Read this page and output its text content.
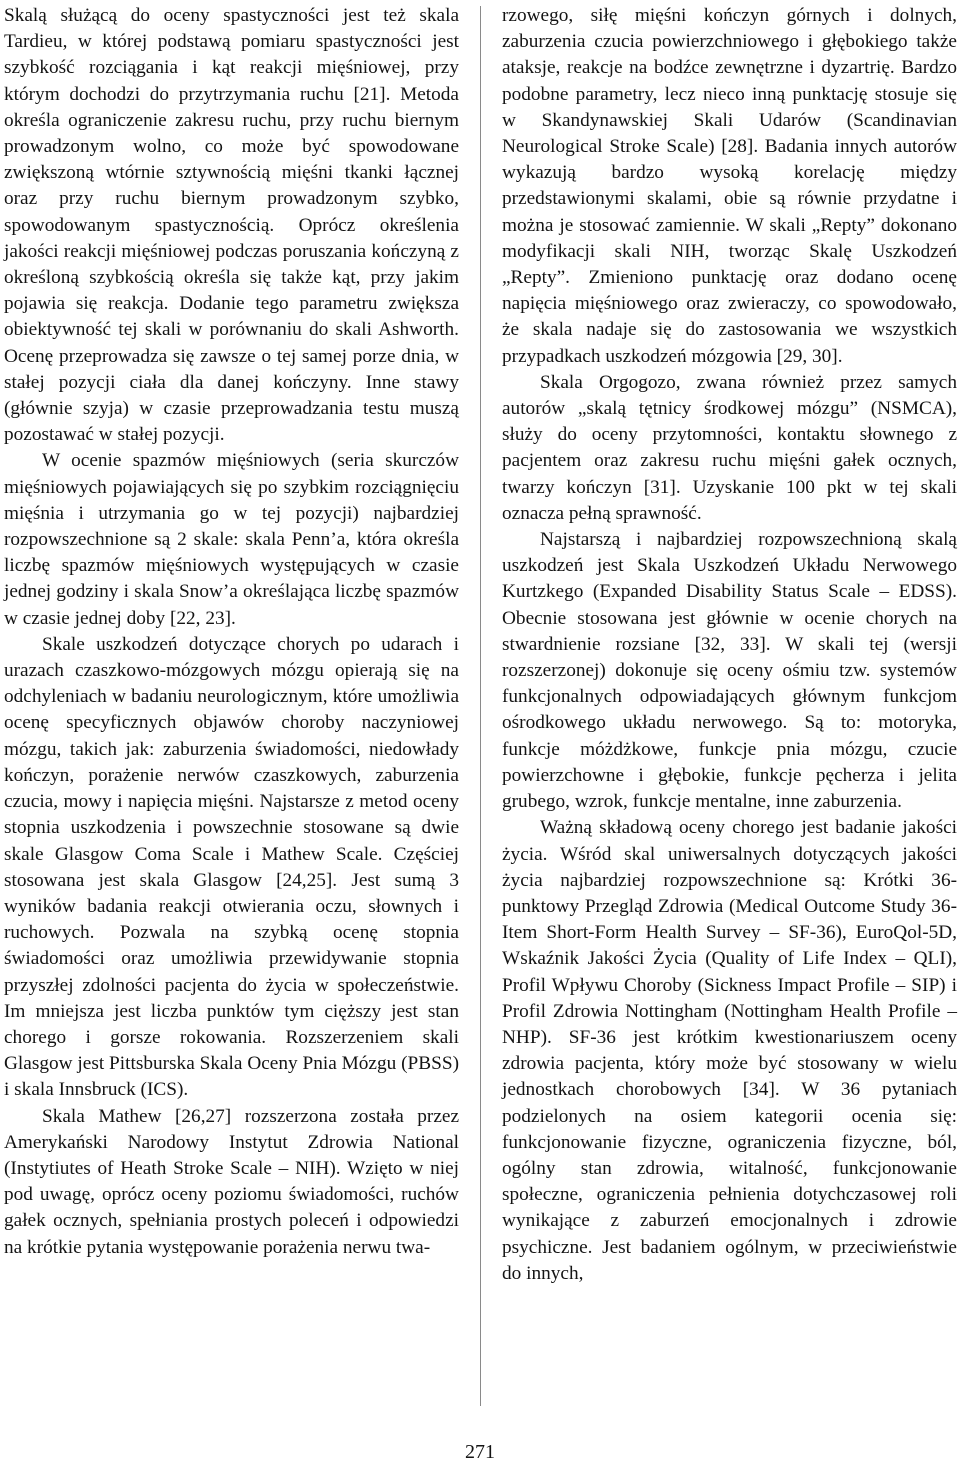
Skalą służącą do oceny spastyczności jest też skala Tardieu, w której podstawą pomiaru spastyczności jest szybkość rozciągania i kąt reakcji mięśniowej, przy którym dochodzi do przytrzymania ruchu [21]. Metoda określa ograniczenie zakresu ruchu, przy ruchu biernym prowadzonym wolno, co może być spowodowane zwiększoną wtórnie sztywnością mięśni tkanki łącznej oraz przy ruchu biernym prowadzonym szybko, spowodowanym spastycznością. Oprócz określenia jakości reakcji mięśniowej podczas poruszania kończyną z określoną szybkością określa się także kąt, przy jakim pojawia się reakcja. Dodanie tego parametru zwiększa obiektywność tej skali w porównaniu do skali Ashworth. Ocenę przeprowadza się zawsze o tej samej porze dnia, w stałej pozycji ciała dla danej kończyny. Inne stawy (głównie szyja) w czasie przeprowadzania testu muszą pozostawać w stałej pozycji.

W ocenie spazmów mięśniowych (seria skurczów mięśniowych pojawiających się po szybkim rozciągnięciu mięśnia i utrzymania go w tej pozycji) najbardziej rozpowszechnione są 2 skale: skala Penn’a, która określa liczbę spazmów mięśniowych występujących w czasie jednej godziny i skala Snow’a określająca liczbę spazmów w czasie jednej doby [22, 23].

Skale uszkodzeń dotyczące chorych po udarach i urazach czaszkowo-mózgowych mózgu opierają się na odchyleniach w badaniu neurologicznym, które umożliwia ocenę specyficznych objawów choroby naczyniowej mózgu, takich jak: zaburzenia świadomości, niedowłady kończyn, porażenie nerwów czaszkowych, zaburzenia czucia, mowy i napięcia mięśni. Najstarsze z metod oceny stopnia uszkodzenia i powszechnie stosowane są dwie skale Glasgow Coma Scale i Mathew Scale. Częściej stosowana jest skala Glasgow [24,25]. Jest sumą 3 wyników badania reakcji otwierania oczu, słownych i ruchowych. Pozwala na szybką ocenę stopnia świadomości oraz umożliwia przewidywanie stopnia przyszłej zdolności pacjenta do życia w społeczeństwie. Im mniejsza jest liczba punktów tym cięższy jest stan chorego i gorsze rokowania. Rozszerzeniem skali Glasgow jest Pittsburska Skala Oceny Pnia Mózgu (PBSS) i skala Innsbruck (ICS).

Skala Mathew [26,27] rozszerzona została przez Amerykański Narodowy Instytut Zdrowia National (Instytiutes of Heath Stroke Scale – NIH). Wzięto w niej pod uwagę, oprócz oceny poziomu świadomości, ruchów gałek ocznych, spełniania prostych poleceń i odpowiedzi na krótkie pytania występowanie porażenia nerwu twa-

rzowego, siłę mięśni kończyn górnych i dolnych, zaburzenia czucia powierzchniowego i głębokiego także ataksje, reakcje na bodźce zewnętrzne i dyzartrię. Bardzo podobne parametry, lecz nieco inną punktację stosuje się w Skandynawskiej Skali Udarów (Scandinavian Neurological Stroke Scale) [28]. Badania innych autorów wykazują bardzo wysoką korelację między przedstawionymi skalami, obie są równie przydatne i można je stosować zamiennie. W skali „Repty” dokonano modyfikacji skali NIH, tworząc Skalę Uszkodzeń „Repty”. Zmieniono punktację oraz dodano ocenę napięcia mięśniowego oraz zwieraczy, co spowodowało, że skala nadaje się do zastosowania we wszystkich przypadkach uszkodzeń mózgowia [29, 30].

Skala Orgogozo, zwana również przez samych autorów „skalą tętnicy środkowej mózgu” (NSMCA), służy do oceny przytomności, kontaktu słownego z pacjentem oraz zakresu ruchu mięśni gałek ocznych, twarzy kończyn [31]. Uzyskanie 100 pkt w tej skali oznacza pełną sprawność.

Najstarszą i najbardziej rozpowszechnioną skalą uszkodzeń jest Skala Uszkodzeń Układu Nerwowego Kurtzkego (Expanded Disability Status Scale – EDSS). Obecnie stosowana jest głównie w ocenie chorych na stwardnienie rozsiane [32, 33]. W skali tej (wersji rozszerzonej) dokonuje się oceny ośmiu tzw. systemów funkcjonalnych odpowiadających głównym funkcjom ośrodkowego układu nerwowego. Są to: motoryka, funkcje móżdżkowe, funkcje pnia mózgu, czucie powierzchowne i głębokie, funkcje pęcherza i jelita grubego, wzrok, funkcje mentalne, inne zaburzenia.

Ważną składową oceny chorego jest badanie jakości życia. Wśród skal uniwersalnych dotyczących jakości życia najbardziej rozpowszechnione są: Krótki 36-punktowy Przegląd Zdrowia (Medical Outcome Study 36-Item Short-Form Health Survey – SF-36), EuroQol-5D, Wskaźnik Jakości Życia (Quality of Life Index – QLI), Profil Wpływu Choroby (Sickness Impact Profile – SIP) i Profil Zdrowia Nottingham (Nottingham Health Profile – NHP). SF-36 jest krótkim kwestionariuszem oceny zdrowia pacjenta, który może być stosowany w wielu jednostkach chorobowych [34]. W 36 pytaniach podzielonych na osiem kategorii ocenia się: funkcjonowanie fizyczne, ograniczenia fizyczne, ból, ogólny stan zdrowia, witalność, funkcjonowanie społeczne, ograniczenia pełnienia dotychczasowej roli wynikające z zaburzeń emocjonalnych i zdrowie psychiczne. Jest badaniem ogólnym, w przeciwieństwie do innych,

271
